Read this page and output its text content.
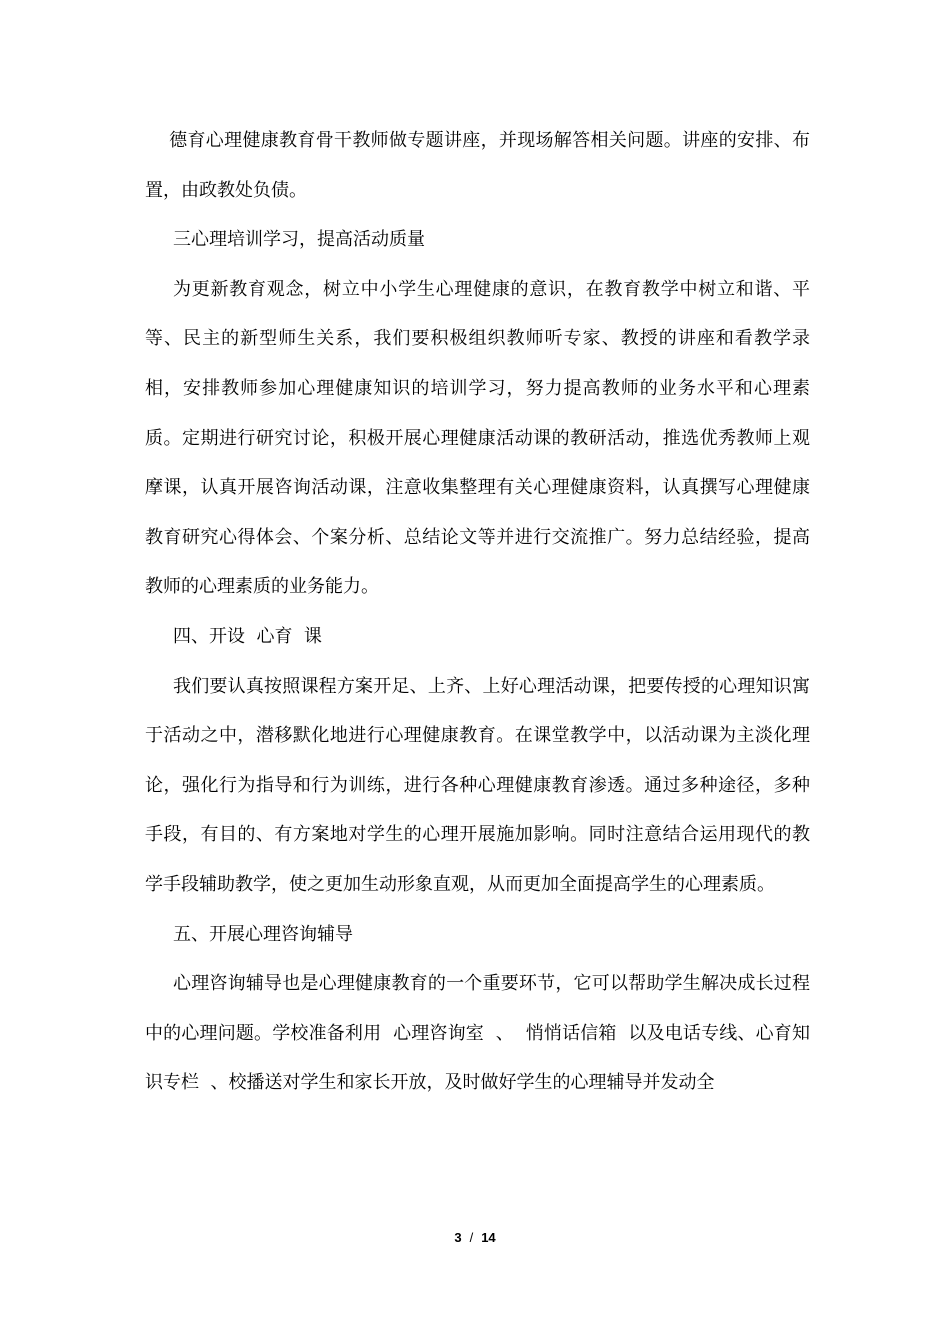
德育心理健康教育骨干教师做专题讲座，并现场解答相关问题。讲座的安排、布置，由政教处负债。

三心理培训学习，提高活动质量

为更新教育观念，树立中小学生心理健康的意识，在教育教学中树立和谐、平等、民主的新型师生关系，我们要积极组织教师听专家、教授的讲座和看教学录相，安排教师参加心理健康知识的培训学习，努力提高教师的业务水平和心理素质。定期进行研究讨论，积极开展心理健康活动课的教研活动，推选优秀教师上观摩课，认真开展咨询活动课，注意收集整理有关心理健康资料，认真撰写心理健康教育研究心得体会、个案分析、总结论文等并进行交流推广。努力总结经验，提高教师的心理素质的业务能力。

四、开设  心育  课

我们要认真按照课程方案开足、上齐、上好心理活动课，把要传授的心理知识寓于活动之中，潜移默化地进行心理健康教育。在课堂教学中，以活动课为主淡化理论，强化行为指导和行为训练，进行各种心理健康教育渗透。通过多种途径，多种手段，有目的、有方案地对学生的心理开展施加影响。同时注意结合运用现代的教学手段辅助教学，使之更加生动形象直观，从而更加全面提高学生的心理素质。

五、开展心理咨询辅导

心理咨询辅导也是心理健康教育的一个重要环节，它可以帮助学生解决成长过程中的心理问题。学校准备利用  心理咨询室  、  悄悄话信箱  以及电话专线、心育知识专栏  、校播送对学生和家长开放，及时做好学生的心理辅导并发动全

3 / 14
